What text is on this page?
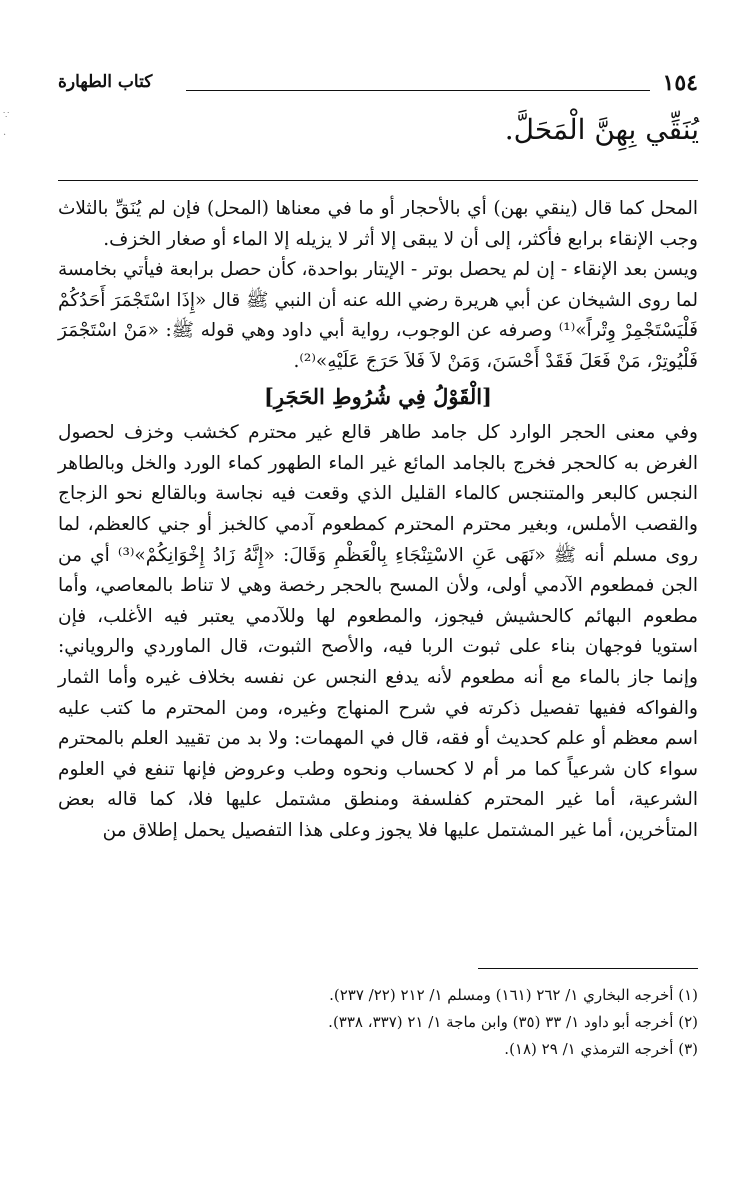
١٥٤
كتاب الطهارة
يُنَقِّي بِهِنَّ الْمَحَلَّ.

المحل كما قال (ينقي بهن) أي بالأحجار أو ما في معناها (المحل) فإن لم يُنَقِّ بالثلاث وجب الإنقاء برابع فأكثر، إلى أن لا يبقى إلا أثر لا يزيله إلا الماء أو صغار الخزف.

ويسن بعد الإنقاء - إن لم يحصل بوتر - الإيتار بواحدة، كأن حصل برابعة فيأتي بخامسة لما روى الشيخان عن أبي هريرة رضي الله عنه أن النبي ﷺ قال «إِذَا اسْتَجْمَرَ أَحَدُكُمْ فَلْيَسْتَجْمِرْ وِتْراً»⁽¹⁾ وصرفه عن الوجوب، رواية أبي داود وهي قوله ﷺ: «مَنْ اسْتَجْمَرَ فَلْيُوتِرْ، مَنْ فَعَلَ فَقَدْ أَحْسَنَ، وَمَنْ لاَ فَلاَ حَرَجَ عَلَيْهِ»⁽²⁾.

[الْقَوْلُ فِي شُرُوطِ الحَجَرِ]

وفي معنى الحجر الوارد كل جامد طاهر قالع غير محترم كخشب وخزف لحصول الغرض به كالحجر فخرج بالجامد المائع غير الماء الطهور كماء الورد والخل وبالطاهر النجس كالبعر والمتنجس كالماء القليل الذي وقعت فيه نجاسة وبالقالع نحو الزجاج والقصب الأملس، وبغير محترم المحترم كمطعوم آدمي كالخبز أو جني كالعظم، لما روى مسلم أنه ﷺ «نَهَى عَنِ الاسْتِنْجَاءِ بِالْعَظْمِ وَقَالَ: «إِنَّهُ زَادُ إِخْوَانِكُمْ»⁽³⁾ أي من الجن فمطعوم الآدمي أولى، ولأن المسح بالحجر رخصة وهي لا تناط بالمعاصي، وأما مطعوم البهائم كالحشيش فيجوز، والمطعوم لها وللآدمي يعتبر فيه الأغلب، فإن استويا فوجهان بناء على ثبوت الربا فيه، والأصح الثبوت، قال الماوردي والروياني: وإنما جاز بالماء مع أنه مطعوم لأنه يدفع النجس عن نفسه بخلاف غيره وأما الثمار والفواكه ففيها تفصيل ذكرته في شرح المنهاج وغيره، ومن المحترم ما كتب عليه اسم معظم أو علم كحديث أو فقه، قال في المهمات: ولا بد من تقييد العلم بالمحترم سواء كان شرعياً كما مر أم لا كحساب ونحوه وطب وعروض فإنها تنفع في العلوم الشرعية، أما غير المحترم كفلسفة ومنطق مشتمل عليها فلا، كما قاله بعض المتأخرين، أما غير المشتمل عليها فلا يجوز وعلى هذا التفصيل يحمل إطلاق من

(١) أخرجه البخاري ١/ ٢٦٢ (١٦١) ومسلم ١/ ٢١٢ (٢٢/ ٢٣٧).
(٢) أخرجه أبو داود ١/ ٣٣ (٣٥) وابن ماجة ١/ ٢١ (٣٣٧، ٣٣٨).
(٣) أخرجه الترمذي ١/ ٢٩ (١٨).
∵
·
